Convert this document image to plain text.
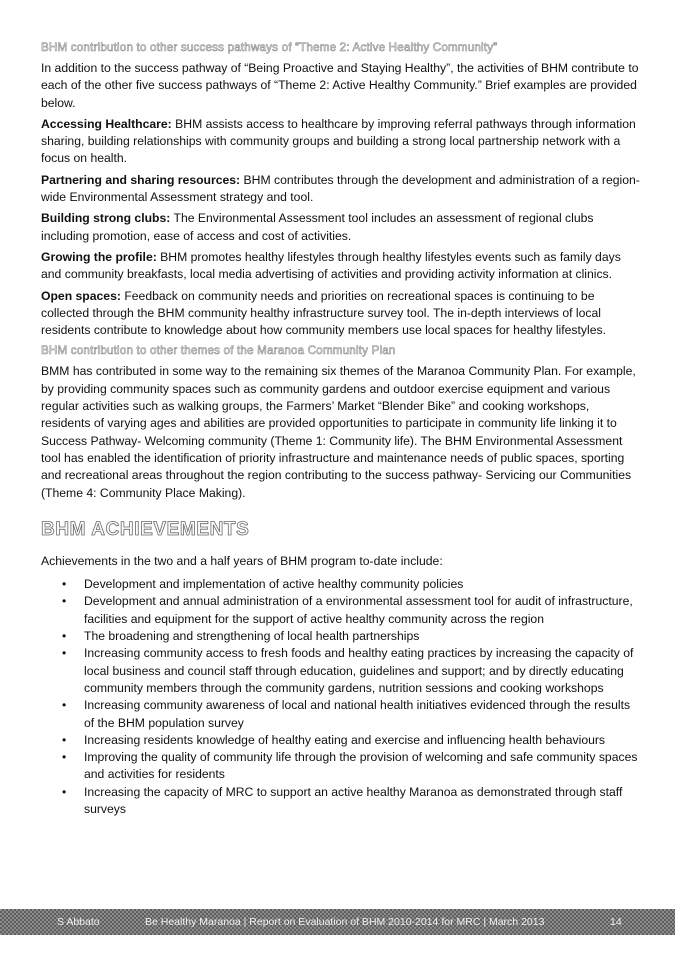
BHM contribution to other success pathways of “Theme 2: Active Healthy Community”

In addition to the success pathway of “Being Proactive and Staying Healthy”, the activities of BHM contribute to each of the other five success pathways of “Theme 2: Active Healthy Community.” Brief examples are provided below.

Accessing Healthcare: BHM assists access to healthcare by improving referral pathways through information sharing, building relationships with community groups and building a strong local partnership network with a focus on health.

Partnering and sharing resources: BHM contributes through the development and administration of a region-wide Environmental Assessment strategy and tool.

Building strong clubs: The Environmental Assessment tool includes an assessment of regional clubs including promotion, ease of access and cost of activities.

Growing the profile: BHM promotes healthy lifestyles through healthy lifestyles events such as family days and community breakfasts, local media advertising of activities and providing activity information at clinics.

Open spaces: Feedback on community needs and priorities on recreational spaces is continuing to be collected through the BHM community healthy infrastructure survey tool. The in-depth interviews of local residents contribute to knowledge about how community members use local spaces for healthy lifestyles.

BHM contribution to other themes of the Maranoa Community Plan

BMM has contributed in some way to the remaining six themes of the Maranoa Community Plan. For example, by providing community spaces such as community gardens and outdoor exercise equipment and various regular activities such as walking groups, the Farmers’ Market “Blender Bike” and cooking workshops, residents of varying ages and abilities are provided opportunities to participate in community life linking it to Success Pathway- Welcoming community (Theme 1: Community life). The BHM Environmental Assessment tool has enabled the identification of priority infrastructure and maintenance needs of public spaces, sporting and recreational areas throughout the region contributing to the success pathway- Servicing our Communities (Theme 4: Community Place Making).

BHM ACHIEVEMENTS

Achievements in the two and a half years of BHM program to-date include:

• Development and implementation of active healthy community policies
• Development and annual administration of a environmental assessment tool for audit of infrastructure, facilities and equipment for the support of active healthy community across the region
• The broadening and strengthening of local health partnerships
• Increasing community access to fresh foods and healthy eating practices by increasing the capacity of local business and council staff through education, guidelines and support; and by directly educating community members through the community gardens, nutrition sessions and cooking workshops
• Increasing community awareness of local and national health initiatives evidenced through the results of the BHM population survey
• Increasing residents knowledge of healthy eating and exercise and influencing health behaviours
• Improving the quality of community life through the provision of welcoming and safe community spaces and activities for residents
• Increasing the capacity of MRC to support an active healthy Maranoa as demonstrated through staff surveys
S Abbato	Be Healthy Maranoa | Report on Evaluation of BHM 2010-2014 for MRC | March 2013	14
